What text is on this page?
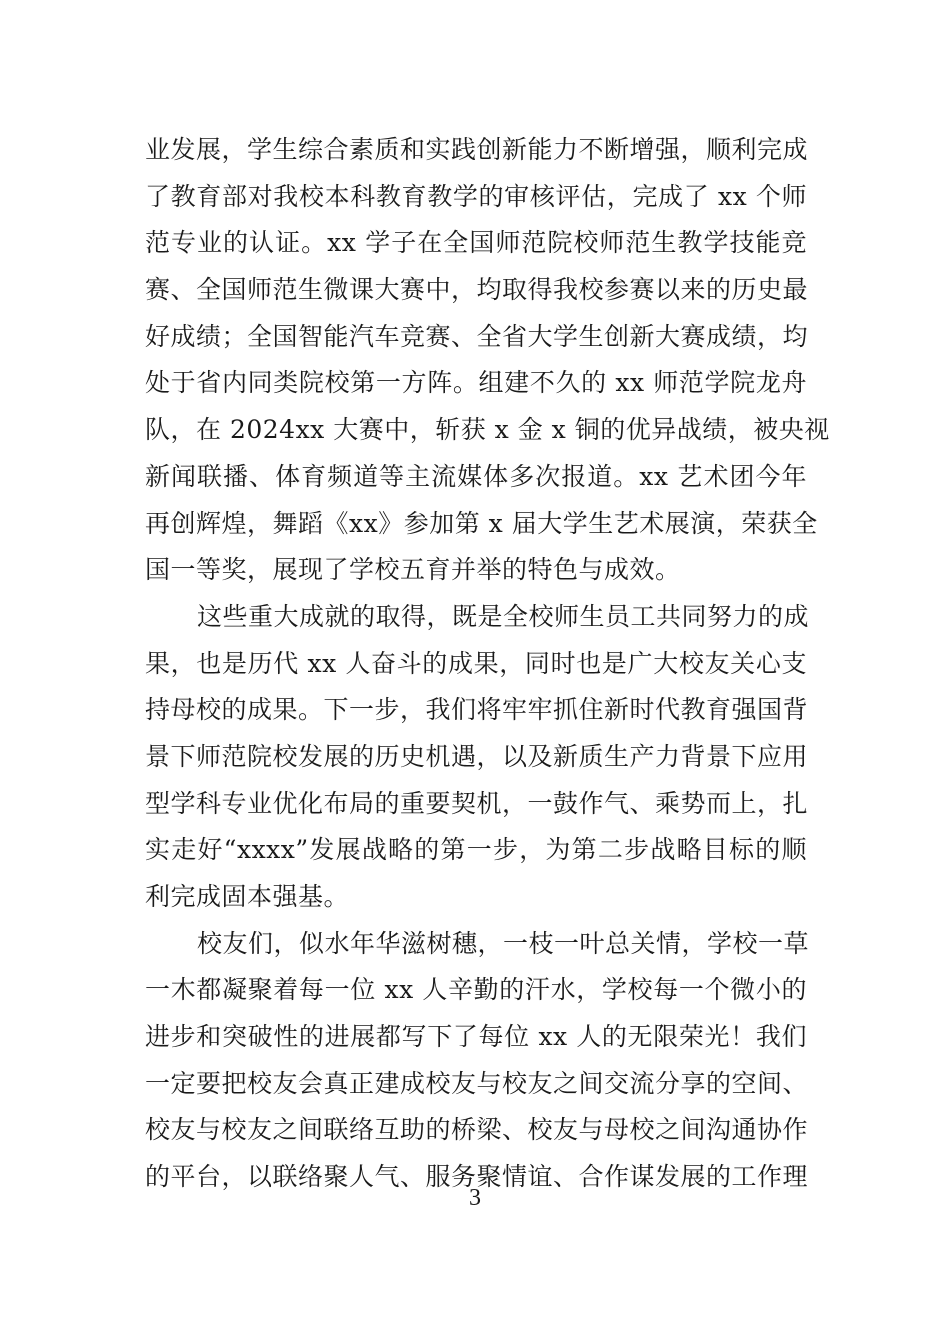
业发展，学生综合素质和实践创新能力不断增强，顺利完成
了教育部对我校本科教育教学的审核评估，完成了 xx 个师
范专业的认证。xx 学子在全国师范院校师范生教学技能竞
赛、全国师范生微课大赛中，均取得我校参赛以来的历史最
好成绩；全国智能汽车竞赛、全省大学生创新大赛成绩，均
处于省内同类院校第一方阵。组建不久的 xx 师范学院龙舟
队，在 2024xx 大赛中，斩获 x 金 x 铜的优异战绩，被央视
新闻联播、体育频道等主流媒体多次报道。xx 艺术团今年
再创辉煌，舞蹈《xx》参加第 x 届大学生艺术展演，荣获全
国一等奖，展现了学校五育并举的特色与成效。
这些重大成就的取得，既是全校师生员工共同努力的成
果，也是历代 xx 人奋斗的成果，同时也是广大校友关心支
持母校的成果。下一步，我们将牢牢抓住新时代教育强国背
景下师范院校发展的历史机遇，以及新质生产力背景下应用
型学科专业优化布局的重要契机，一鼓作气、乘势而上，扎
实走好“xxxx”发展战略的第一步，为第二步战略目标的顺
利完成固本强基。
校友们，似水年华滋树穗，一枝一叶总关情，学校一草
一木都凝聚着每一位 xx 人辛勤的汗水，学校每一个微小的
进步和突破性的进展都写下了每位 xx 人的无限荣光！我们
一定要把校友会真正建成校友与校友之间交流分享的空间、
校友与校友之间联络互助的桥梁、校友与母校之间沟通协作
的平台，以联络聚人气、服务聚情谊、合作谋发展的工作理
3
